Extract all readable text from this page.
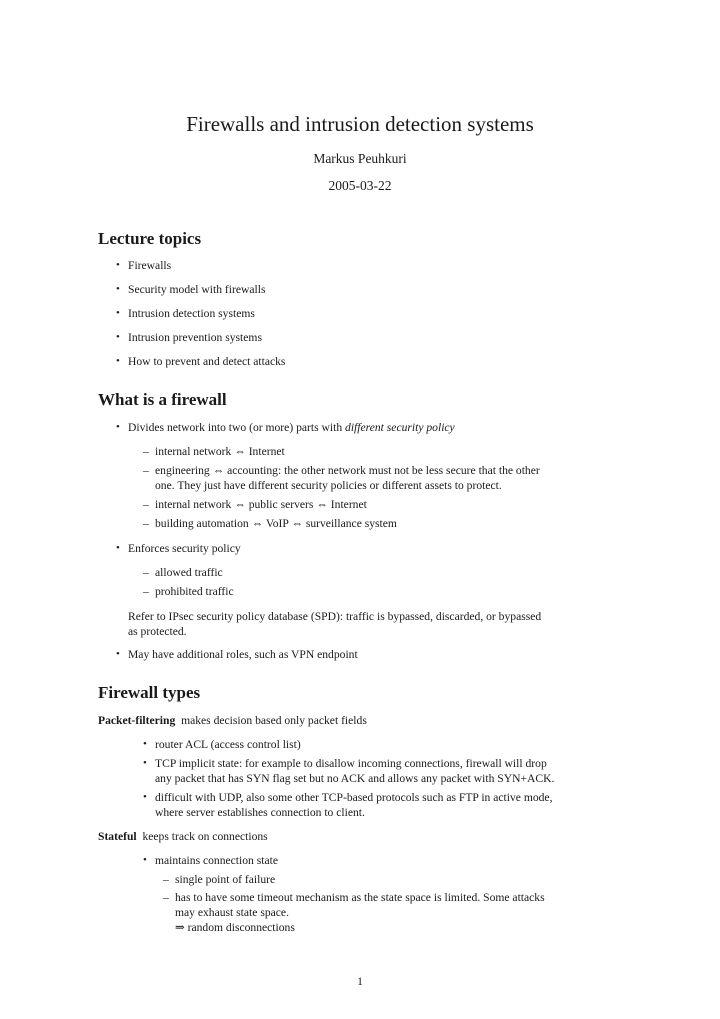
Firewalls and intrusion detection systems
Markus Peuhkuri
2005-03-22
Lecture topics
• Firewalls
• Security model with firewalls
• Intrusion detection systems
• Intrusion prevention systems
• How to prevent and detect attacks
What is a firewall
• Divides network into two (or more) parts with different security policy
– internal network ⇔ Internet
– engineering ⇔ accounting: the other network must not be less secure that the other
one. They just have different security policies or different assets to protect.
– internal network ⇔ public servers ⇔ Internet
– building automation ⇔ VoIP ⇔ surveillance system
• Enforces security policy
– allowed traffic
– prohibited traffic
Refer to IPsec security policy database (SPD): traffic is bypassed, discarded, or bypassed
as protected.
• May have additional roles, such as VPN endpoint
Firewall types
Packet-filtering makes decision based only packet fields
• router ACL (access control list)
• TCP implicit state: for example to disallow incoming connections, firewall will drop
any packet that has SYN flag set but no ACK and allows any packet with SYN+ACK.
• difficult with UDP, also some other TCP-based protocols such as FTP in active mode,
where server establishes connection to client.
Stateful keeps track on connections
• maintains connection state
– single point of failure
– has to have some timeout mechanism as the state space is limited. Some attacks
may exhaust state space.
⇒ random disconnections
1
